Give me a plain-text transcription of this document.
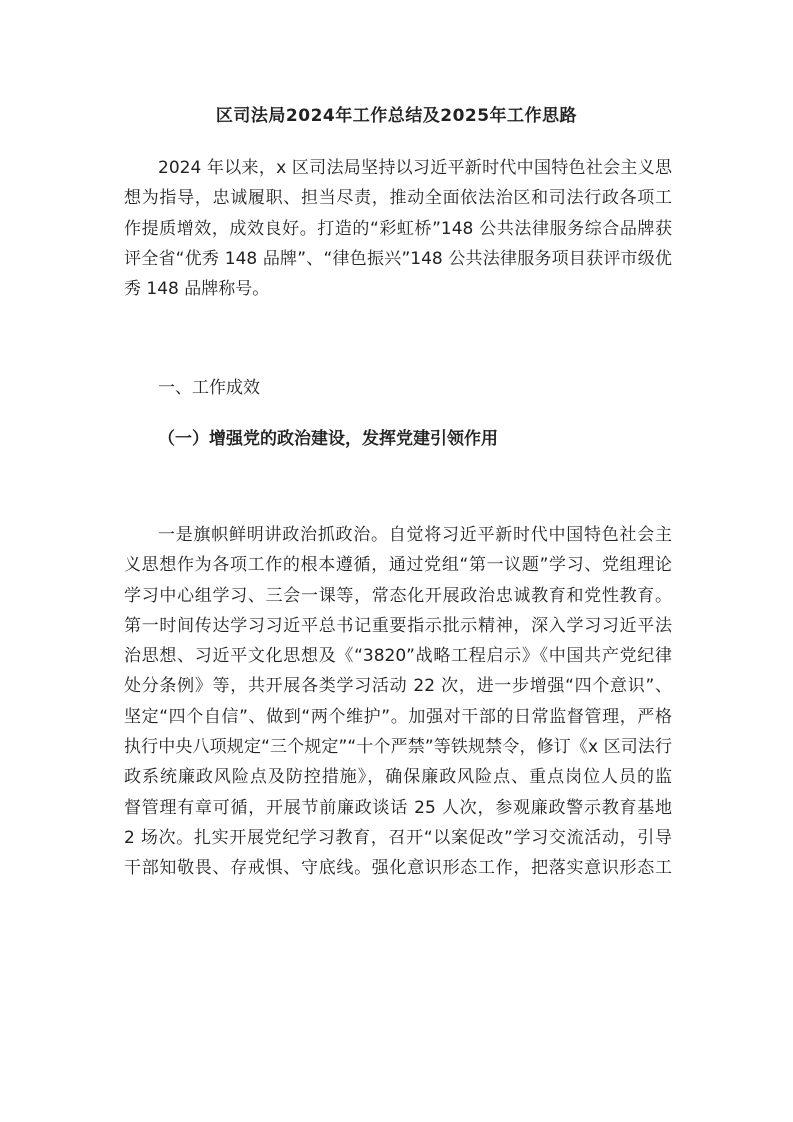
区司法局2024年工作总结及2025年工作思路
2024 年以来，x 区司法局坚持以习近平新时代中国特色社会主义思
想为指导，忠诚履职、担当尽责，推动全面依法治区和司法行政各项工
作提质增效，成效良好。打造的“彩虹桥”148 公共法律服务综合品牌获
评全省“优秀 148 品牌”、“律色振兴”148 公共法律服务项目获评市级优
秀 148 品牌称号。
一、工作成效
（一）增强党的政治建设，发挥党建引领作用
一是旗帜鲜明讲政治抓政治。自觉将习近平新时代中国特色社会主
义思想作为各项工作的根本遵循，通过党组“第一议题”学习、党组理论
学习中心组学习、三会一课等，常态化开展政治忠诚教育和党性教育。
第一时间传达学习习近平总书记重要指示批示精神，深入学习习近平法
治思想、习近平文化思想及《“3820”战略工程启示》《中国共产党纪律
处分条例》等，共开展各类学习活动 22 次，进一步增强“四个意识”、
坚定“四个自信”、做到“两个维护”。加强对干部的日常监督管理，严格
执行中央八项规定“三个规定”“十个严禁”等铁规禁令，修订《x 区司法行
政系统廉政风险点及防控措施》，确保廉政风险点、重点岗位人员的监
督管理有章可循，开展节前廉政谈话 25 人次，参观廉政警示教育基地
2 场次。扎实开展党纪学习教育，召开“以案促改”学习交流活动，引导
干部知敬畏、存戒惧、守底线。强化意识形态工作，把落实意识形态工
